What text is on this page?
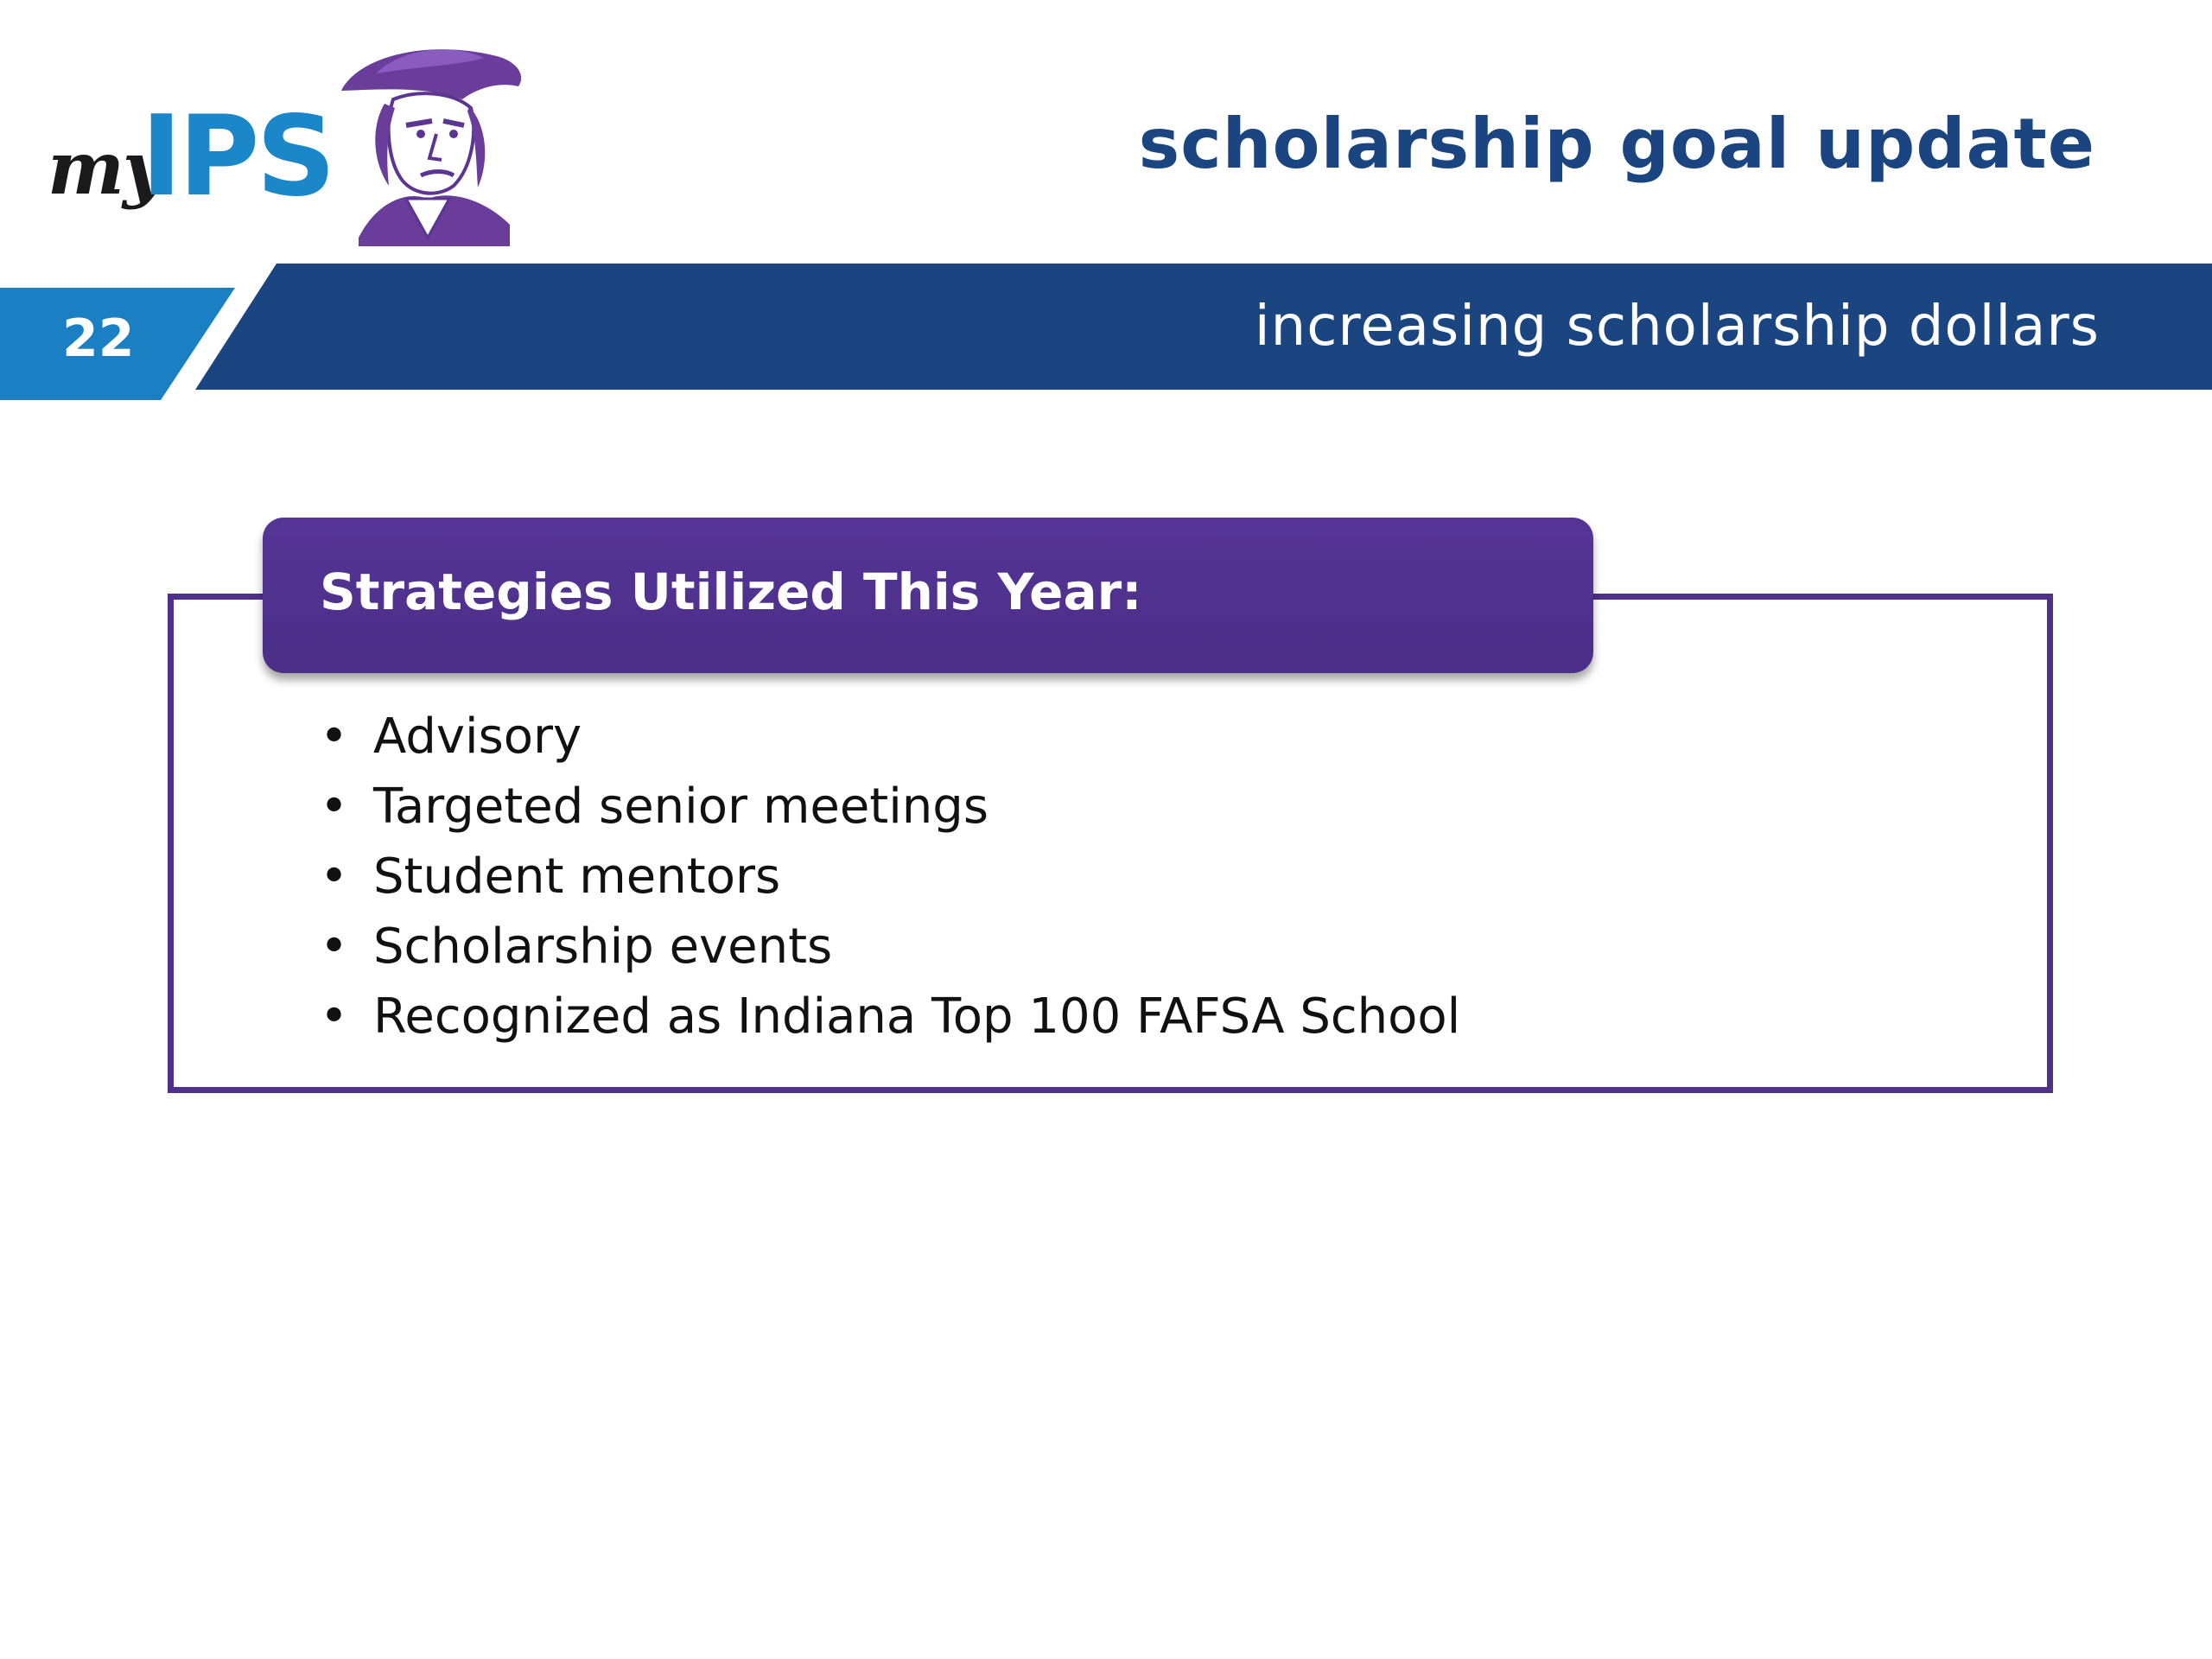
my
IPS	scholarship goal update
22	increasing scholarship dollars
Strategies Utilized This Year:
• Advisory
• Targeted senior meetings
• Student mentors
• Scholarship events
• Recognized as Indiana Top 100 FAFSA School
